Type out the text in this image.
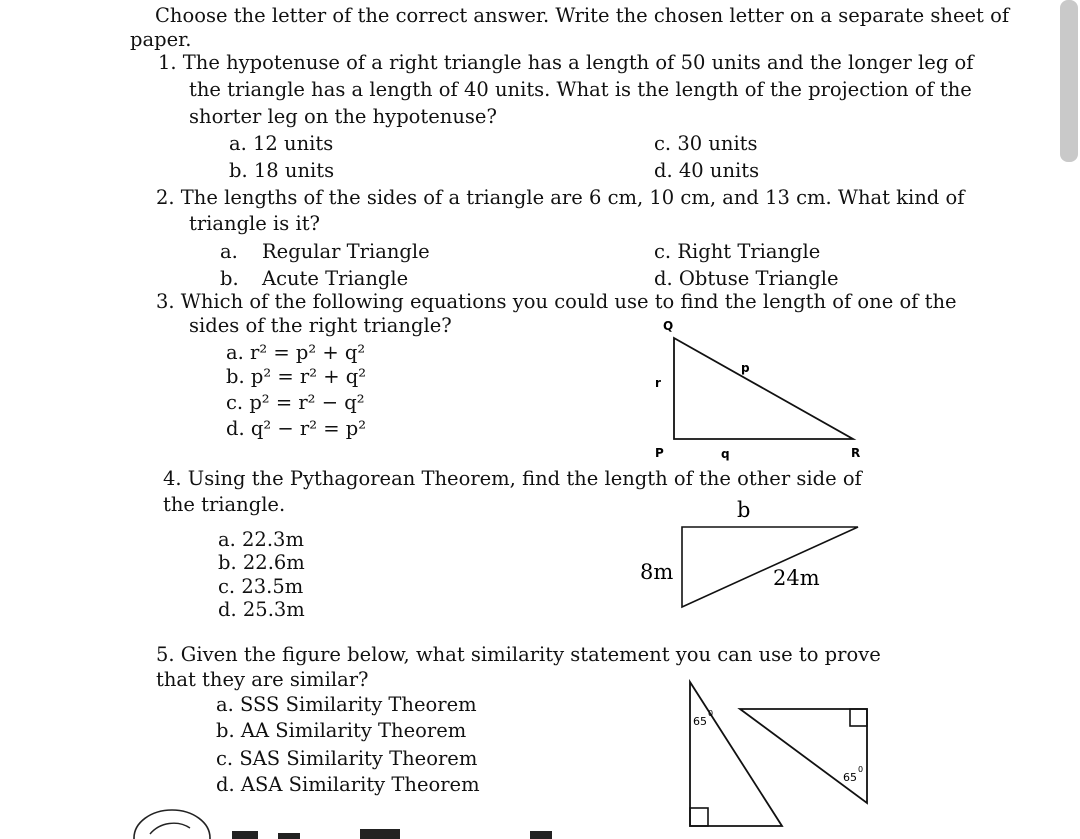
Choose the letter of the correct answer. Write the chosen letter on a separate sheet of
paper.
1. The hypotenuse of a right triangle has a length of 50 units and the longer leg of
the triangle has a length of 40 units. What is the length of the projection of the
shorter leg on the hypotenuse?
a. 12 units
b. 18 units
c. 30 units
d. 40 units
2. The lengths of the sides of a triangle are 6 cm, 10 cm, and 13 cm. What kind of
triangle is it?
a. Regular Triangle
b. Acute Triangle
c. Right Triangle
d. Obtuse Triangle
3. Which of the following equations you could use to find the length of one of the
sides of the right triangle?
a. r² = p² + q²
b. p² = r² + q²
c. p² = r² − q²
d. q² − r² = p²
Q
P	R
r
p
q
4. Using the Pythagorean Theorem, find the length of the other side of
the triangle.
a. 22.3m
b. 22.6m
c. 23.5m
d. 25.3m
b
8m	24m
5. Given the figure below, what similarity statement you can use to prove
that they are similar?
a. SSS Similarity Theorem
b. AA Similarity Theorem
c. SAS Similarity Theorem
d. ASA Similarity Theorem
65
0
65
0
